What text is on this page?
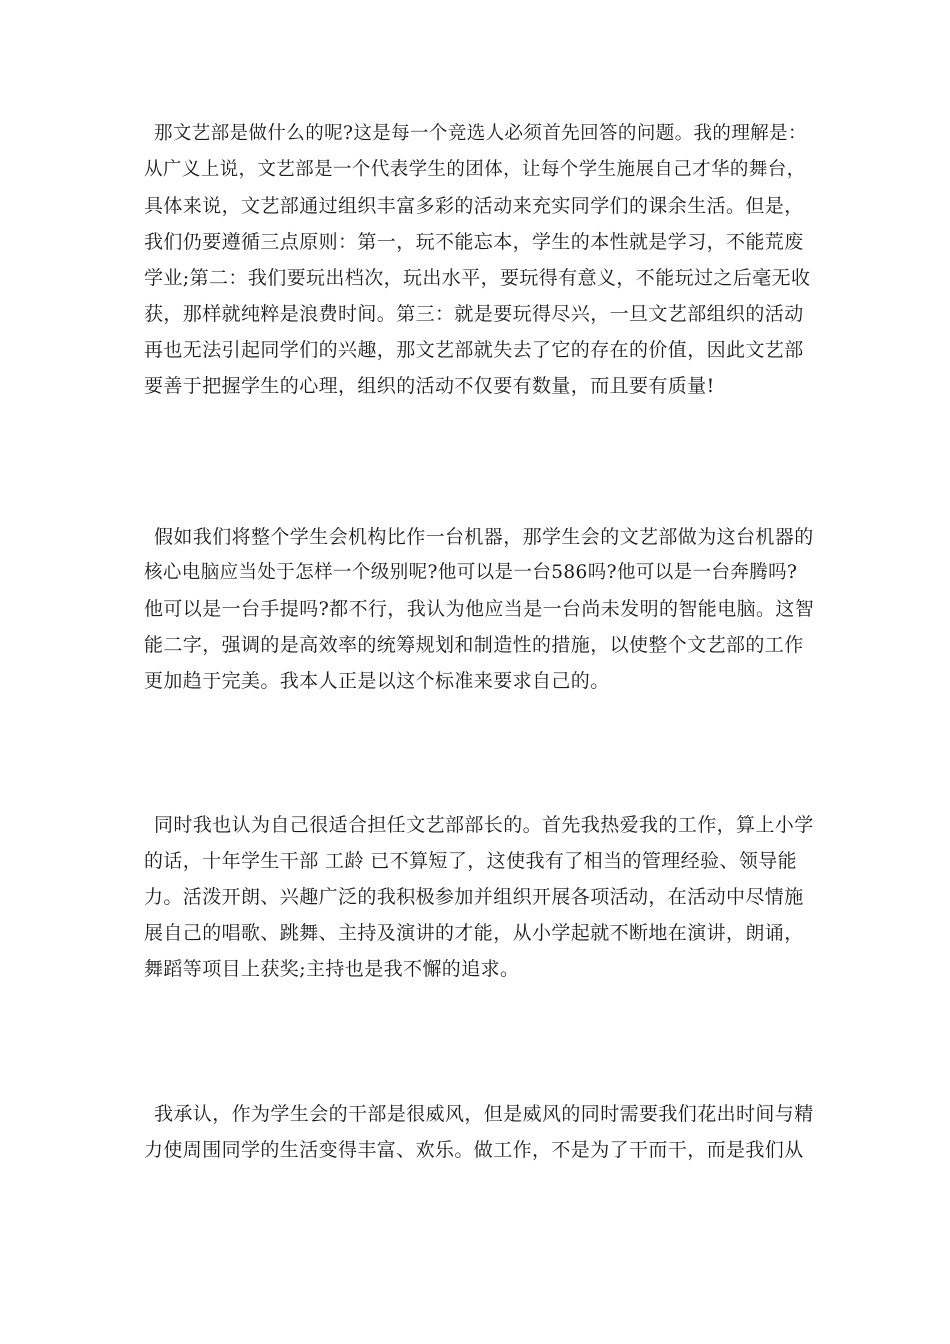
那文艺部是做什么的呢?这是每一个竞选人必须首先回答的问题。我的理解是：
从广义上说，文艺部是一个代表学生的团体，让每个学生施展自己才华的舞台，
具体来说，文艺部通过组织丰富多彩的活动来充实同学们的课余生活。但是，
我们仍要遵循三点原则：第一，玩不能忘本，学生的本性就是学习，不能荒废
学业;第二：我们要玩出档次，玩出水平，要玩得有意义，不能玩过之后毫无收
获，那样就纯粹是浪费时间。第三：就是要玩得尽兴，一旦文艺部组织的活动
再也无法引起同学们的兴趣，那文艺部就失去了它的存在的价值，因此文艺部
要善于把握学生的心理，组织的活动不仅要有数量，而且要有质量!
假如我们将整个学生会机构比作一台机器，那学生会的文艺部做为这台机器的
核心电脑应当处于怎样一个级别呢?他可以是一台586吗?他可以是一台奔腾吗?
他可以是一台手提吗?都不行，我认为他应当是一台尚未发明的智能电脑。这智
能二字，强调的是高效率的统筹规划和制造性的措施，以使整个文艺部的工作
更加趋于完美。我本人正是以这个标准来要求自己的。
同时我也认为自己很适合担任文艺部部长的。首先我热爱我的工作，算上小学
的话，十年学生干部 工龄 已不算短了，这使我有了相当的管理经验、领导能
力。活泼开朗、兴趣广泛的我积极参加并组织开展各项活动，在活动中尽情施
展自己的唱歌、跳舞、主持及演讲的才能，从小学起就不断地在演讲，朗诵，
舞蹈等项目上获奖;主持也是我不懈的追求。
我承认，作为学生会的干部是很威风，但是威风的同时需要我们花出时间与精
力使周围同学的生活变得丰富、欢乐。做工作，不是为了干而干，而是我们从
